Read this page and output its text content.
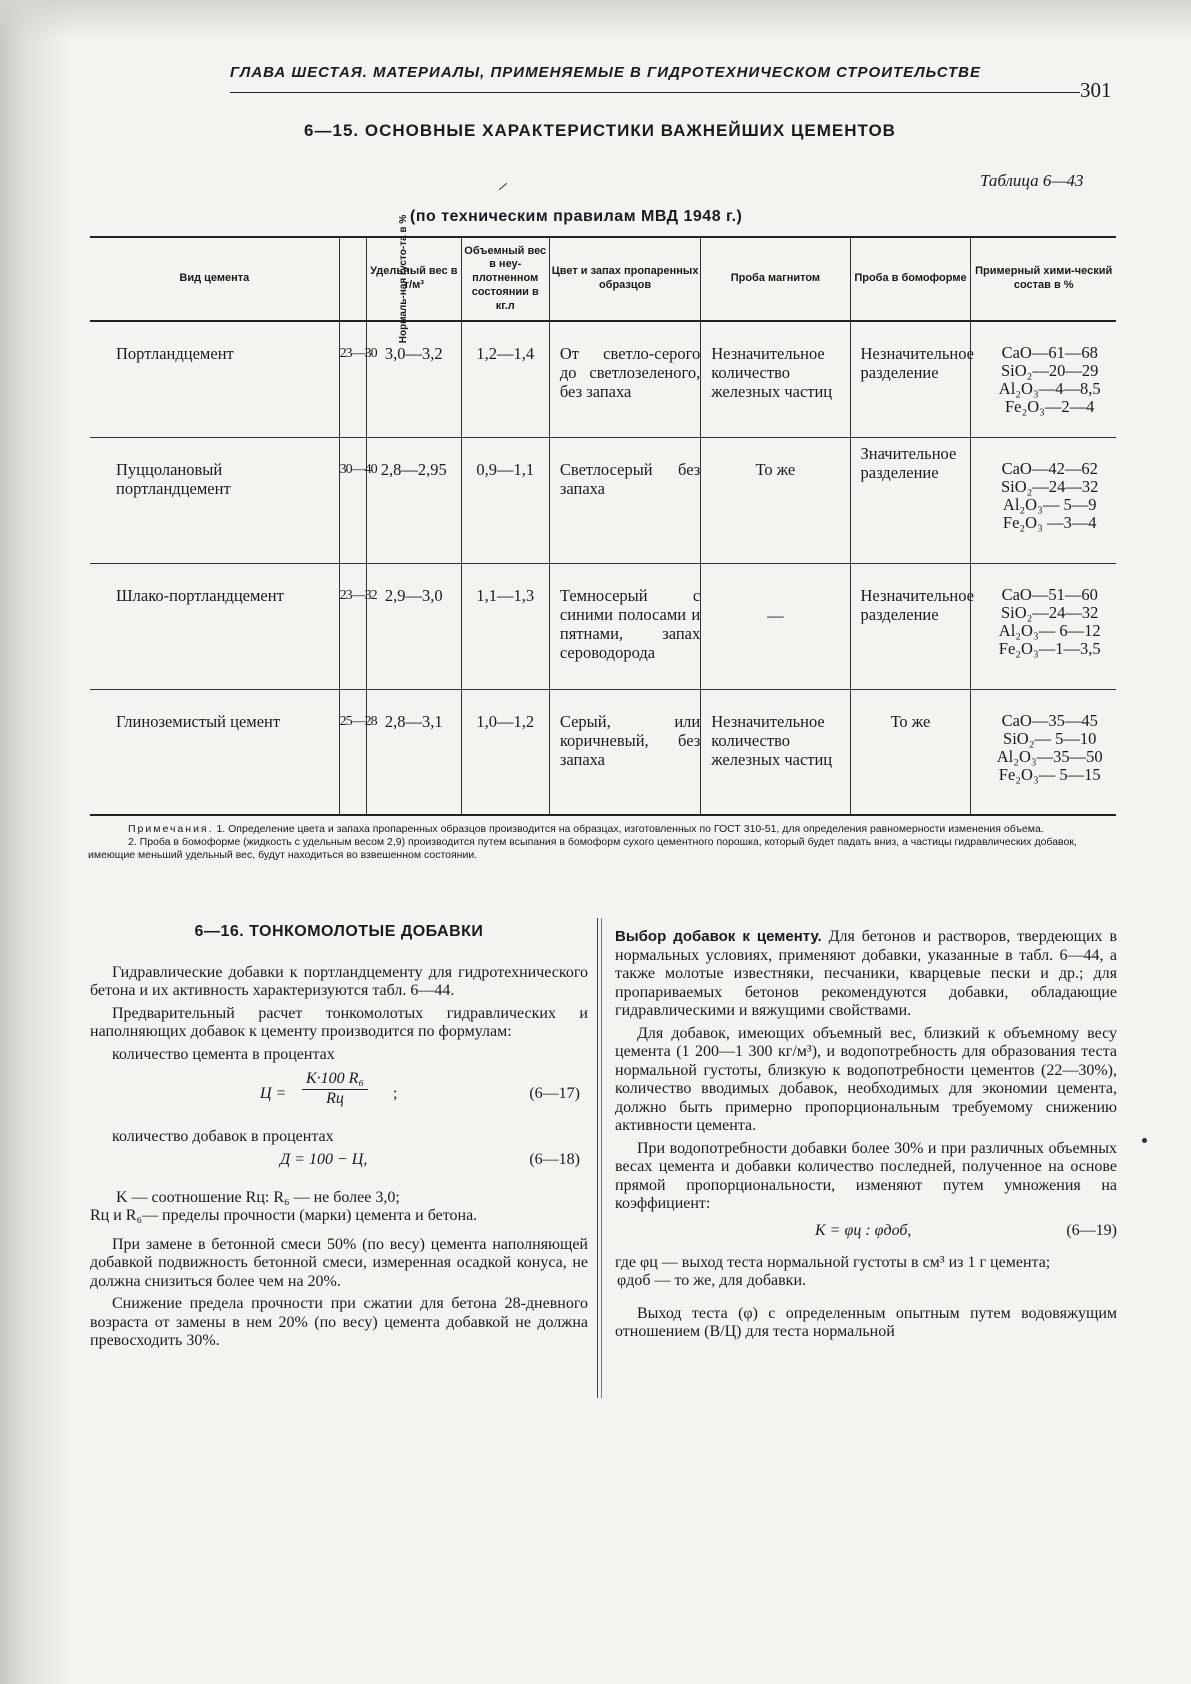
ГЛАВА ШЕСТАЯ. МАТЕРИАЛЫ, ПРИМЕНЯЕМЫЕ В ГИДРОТЕХНИЧЕСКОМ СТРОИТЕЛЬСТВЕ
301
6—15. ОСНОВНЫЕ ХАРАКТЕРИСТИКИ ВАЖНЕЙШИХ ЦЕМЕНТОВ
Таблица 6—43
(по техническим правилам МВД 1948 г.)
Вид цемента	Нормаль-ная густо-та в %	Удельный вес в т/м³	Объемный вес в неу-плотненном состоянии в кг.л	Цвет и запах пропаренных образцов	Проба магнитом	Проба в бомоформе	Примерный хими-ческий состав в %
Портландцемент	23—30	3,0—3,2	1,2—1,4	От светло-серого до светлозеленого, без запаха	Незначительное количество железных частиц	Незначительное разделение	CaO—61—68
SiO₂—20—29
Al₂O₃—4—8,5
Fe₂O₃—2—4

Пуццолановый портландцемент	30—40	2,8—2,95	0,9—1,1	Светлосерый без запаха	То же	Значительное разделение	CaO—42—62
SiO₂—24—32
Al₂O₃— 5—9
Fe₂O₃ —3—4

Шлако-портландцемент	23—32	2,9—3,0	1,1—1,3	Темносерый с синими полосами и пятнами, запах сероводорода	—	Незначительное разделение	CaO—51—60
SiO₂—24—32
Al₂O₃— 6—12
Fe₂O₃—1—3,5

Глиноземистый цемент	25—28	2,8—3,1	1,0—1,2	Серый, или коричневый, без запаха	Незначительное количество железных частиц	То же	CaO—35—45
SiO₂— 5—10
Al₂O₃—35—50
Fe₂O₃— 5—15

Примечания. 1. Определение цвета и запаха пропаренных образцов производится на образцах, изготовленных по ГОСТ 310-51, для определения равномерности изменения объема.

2. Проба в бомоформе (жидкость с удельным весом 2,9) производится путем всыпания в бомоформ сухого цементного порошка, который будет падать вниз, а частицы гидравлических добавок, имеющие меньший удельный вес, будут находиться во взвешенном состоянии.

6—16. ТОНКОМОЛОТЫЕ ДОБАВКИ

Гидравлические добавки к портландцементу для гидротехнического бетона и их активность характеризуются табл. 6—44.

Предварительный расчет тонкомолотых гидравлических и наполняющих добавок к цементу производится по формулам:

количество цемента в процентах

Ц =
K·100 R₆
Rц	;	(6—17)

количество добавок в процентах

Д = 100 − Ц,	(6—18)
K — соотношение Rц: R₆ — не более 3,0;
Rц и R₆— пределы прочности (марки) цемента и бетона.

При замене в бетонной смеси 50% (по весу) цемента наполняющей добавкой подвижность бетонной смеси, измеренная осадкой конуса, не должна снизиться более чем на 20%.

Снижение предела прочности при сжатии для бетона 28-дневного возраста от замены в нем 20% (по весу) цемента добавкой не должна превосходить 30%.

Выбор добавок к цементу. Для бетонов и растворов, твердеющих в нормальных условиях, применяют добавки, указанные в табл. 6—44, а также молотые известняки, песчаники, кварцевые пески и др.; для пропариваемых бетонов рекомендуются добавки, обладающие гидравлическими и вяжущими свойствами.

Для добавок, имеющих объемный вес, близкий к объемному весу цемента (1 200—1 300 кг/м³), и водопотребность для образования теста нормальной густоты, близкую к водопотребности цементов (22—30%), количество вводимых добавок, необходимых для экономии цемента, должно быть примерно пропорциональным требуемому снижению активности цемента.

При водопотребности добавки более 30% и при различных объемных весах цемента и добавки количество последней, полученное на основе прямой пропорциональности, изменяют путем умножения на коэффициент:

K = φц : φдоб,	(6—19)
где φц — выход теста нормальной густоты в см³ из 1 г цемента;
φдоб — то же, для добавки.

Выход теста (φ) с определенным опытным путем водовяжущим отношением (В/Ц) для теста нормальной
